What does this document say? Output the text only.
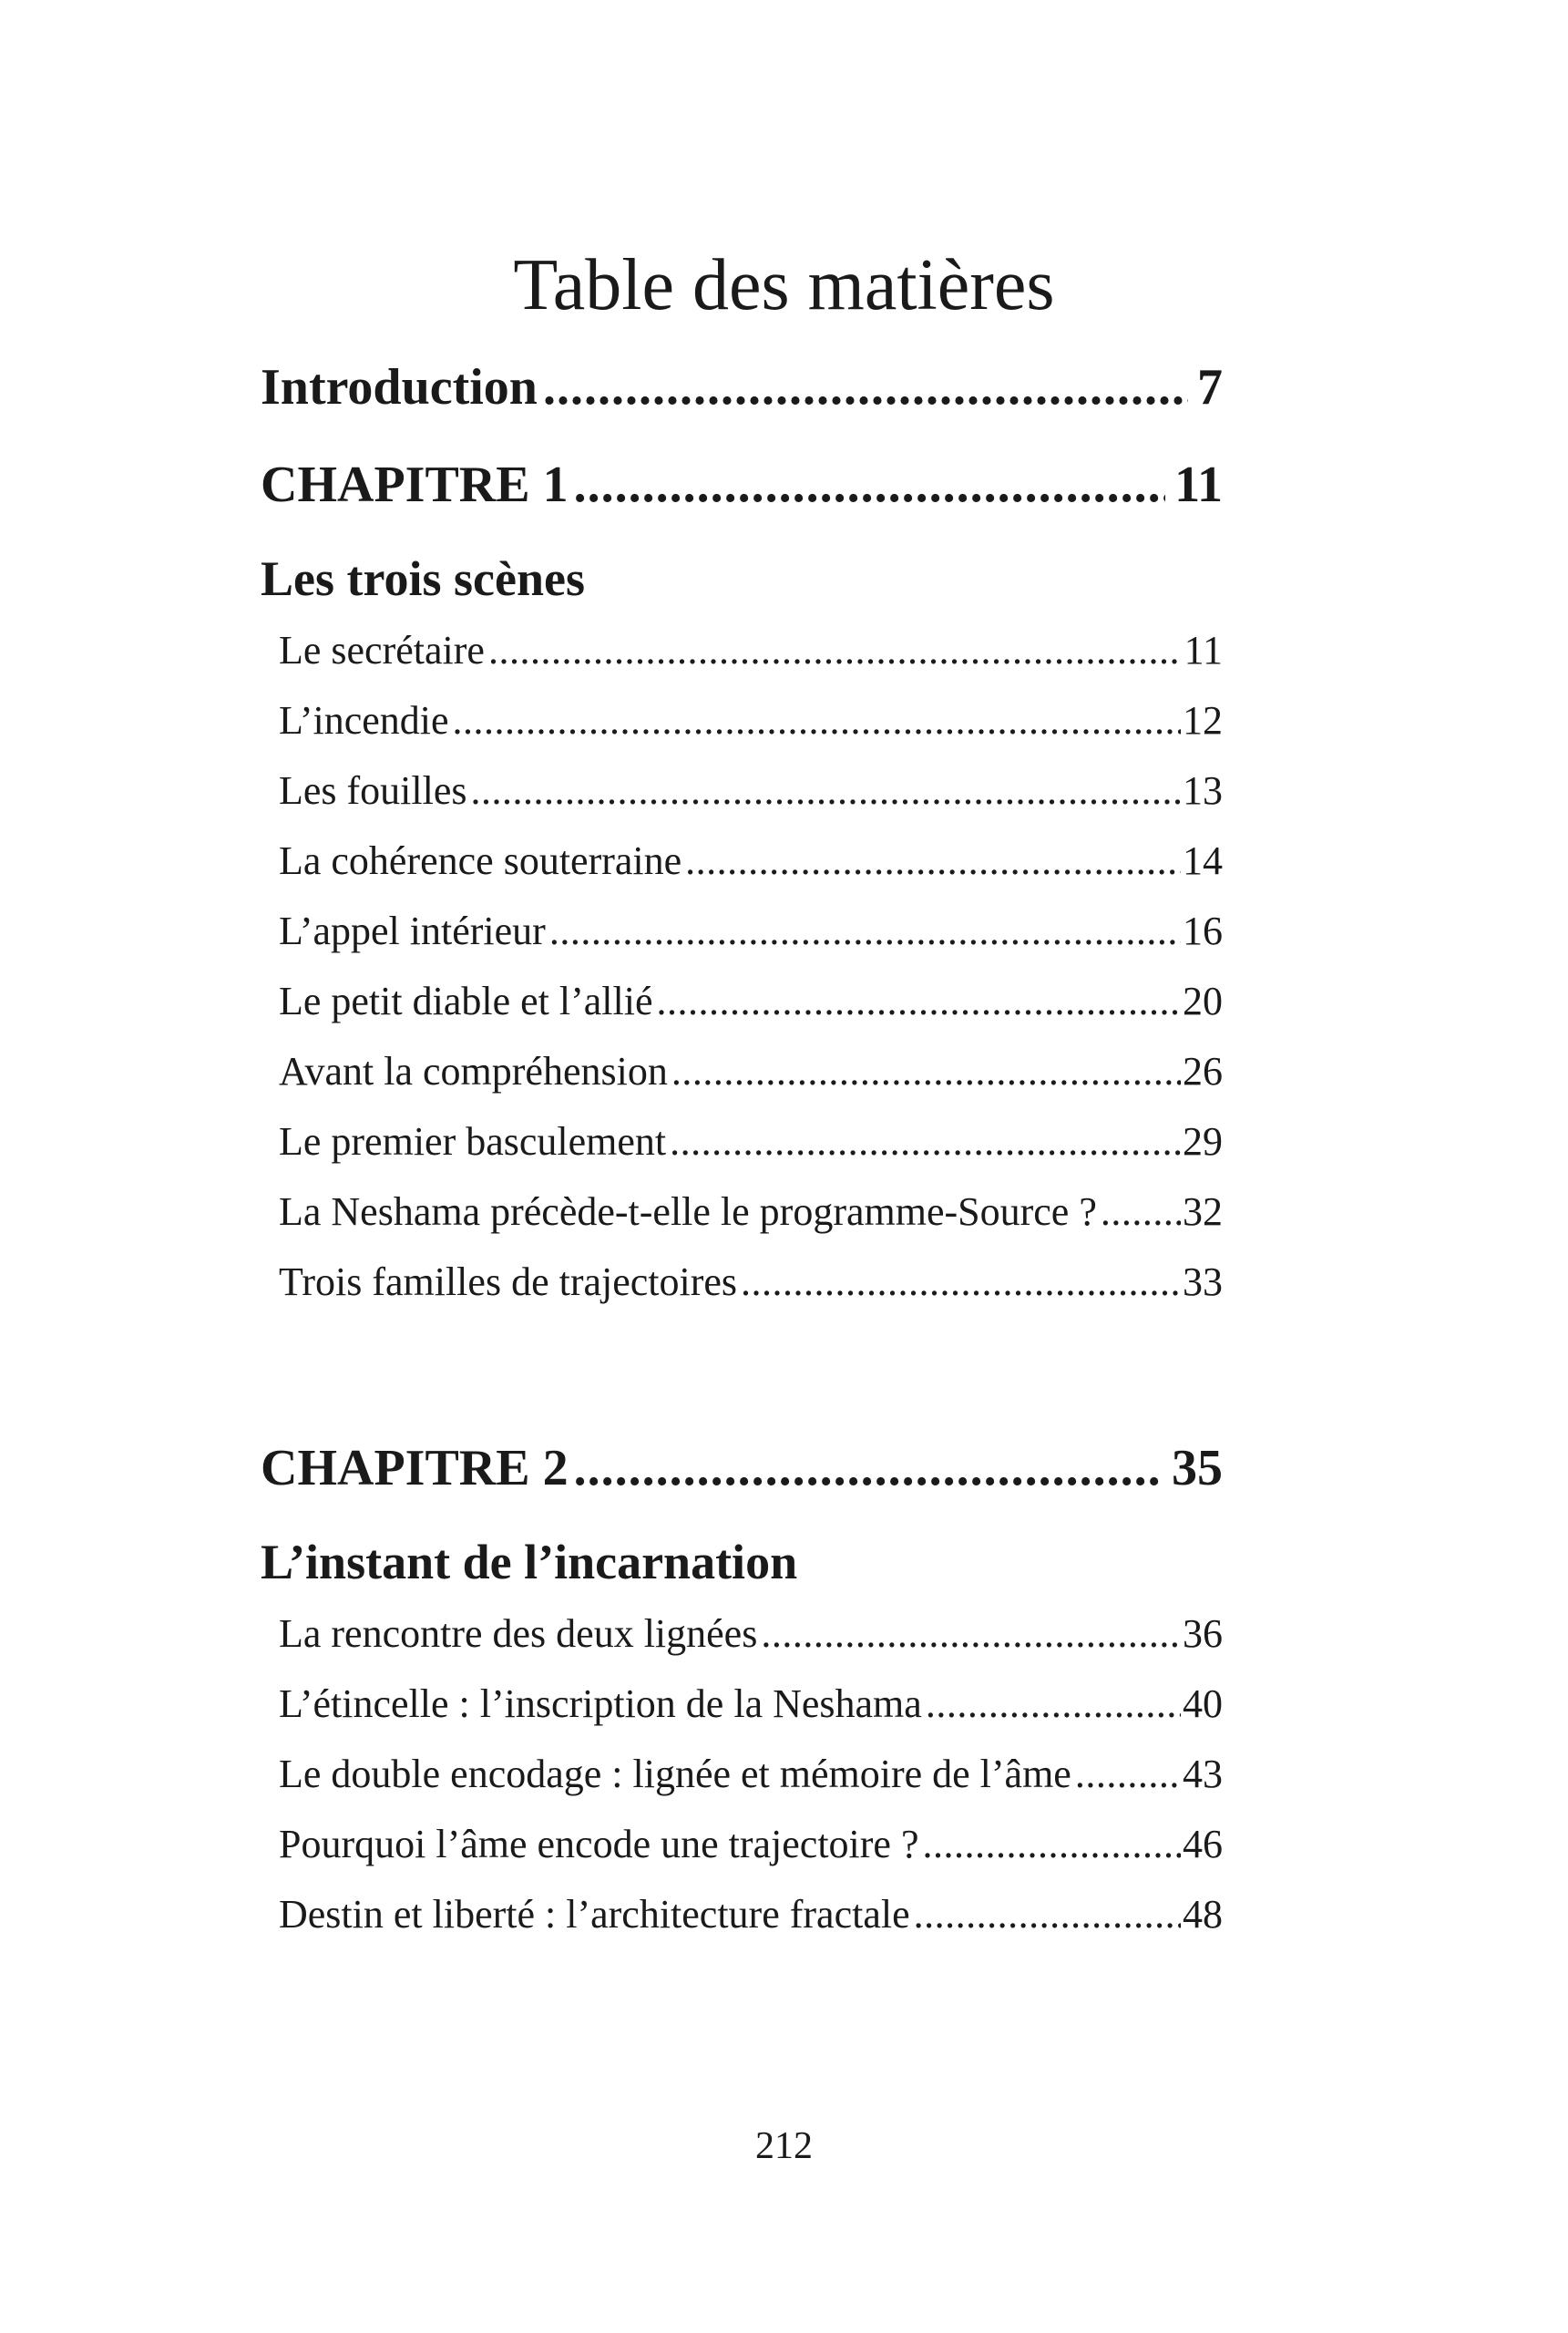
Table des matières
Introduction .....	7
CHAPITRE 1 .....	11
Les trois scènes
Le secrétaire .....	11
L’incendie .....	12
Les fouilles .....	13
La cohérence souterraine .....	14
L’appel intérieur .....	16
Le petit diable et l’allié .....	20
Avant la compréhension .....	26
Le premier basculement .....	29
La Neshama précède-t-elle le programme-Source ? ..... 32
Trois familles de trajectoires .....	33
CHAPITRE 2 .....	35
L’instant de l’incarnation
La rencontre des deux lignées .....	36
L’étincelle : l’inscription de la Neshama .....	40
Le double encodage : lignée et mémoire de l’âme .....	43
Pourquoi l’âme encode une trajectoire ? .....	46
Destin et liberté : l’architecture fractale .....	48
212
